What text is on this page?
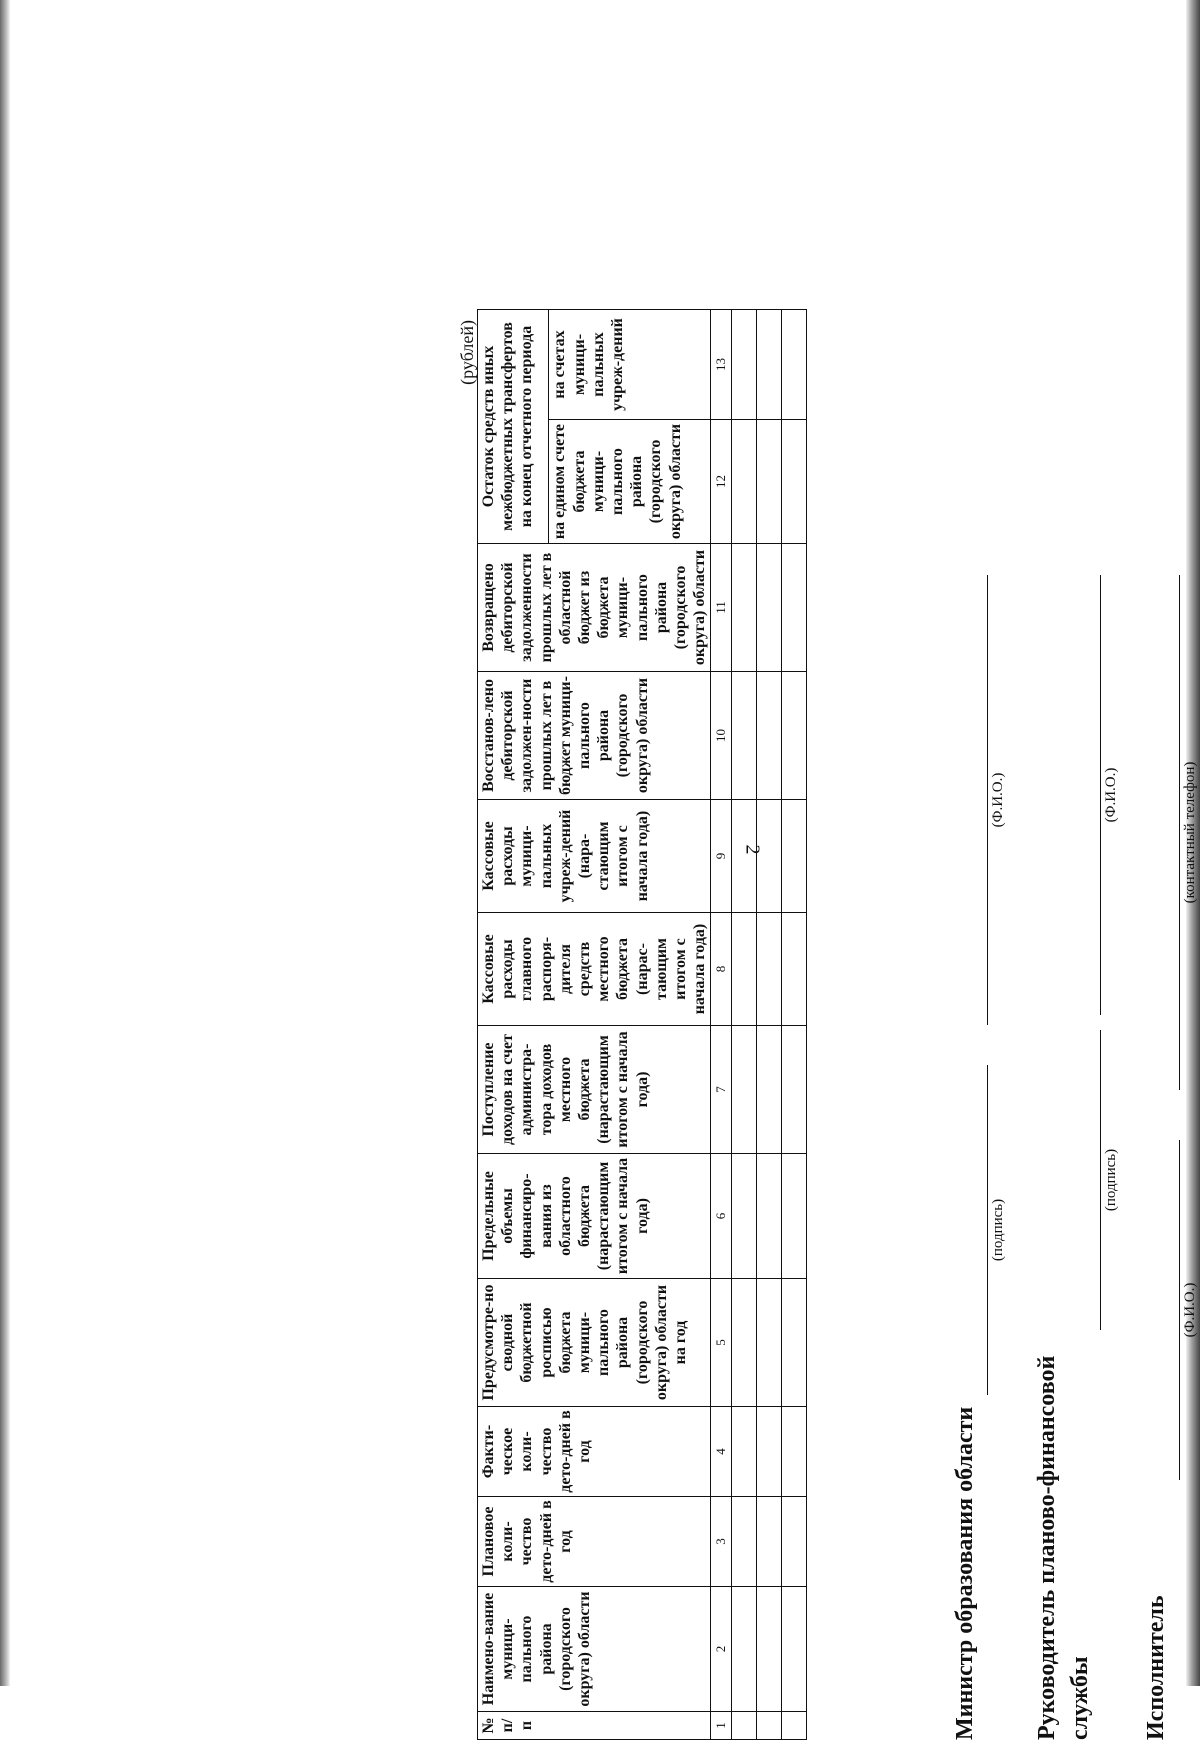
2
(рублей)
№ п/п	Наимено-вание муници-пального района (городского округа) области	Плановое коли-чество дето-дней в год	Факти-ческое коли-чество дето-дней в год	Предусмотре-но сводной бюджетной росписью бюджета муници-пального района (городского округа) области на год	Предельные объемы финансиро-вания из областного бюджета (нарастающим итогом с начала года)	Поступление доходов на счет администра-тора доходов местного бюджета (нарастающим итогом с начала года)	Кассовые расходы главного распоря-дителя средств местного бюджета (нарас-тающим итогом с начала года)	Кассовые расходы муници-пальных учреж-дений (нара-стающим итогом с начала года)	Восстанов-лено дебиторской задолжен-ности прошлых лет в бюджет муници-пального района (городского округа) области	Возвращено дебиторской задолженности прошлых лет в областной бюджет из бюджета муници-пального района (городского округа) области	Остаток средств иных межбюджетных трансфертов на конец отчетного периода	
											на едином счете бюджета муници-пального района (городского округа) области	на счетах муници-пальных учреж-дений
1	2	3	4	5	6	7	8	9	10	11	12	13

Министр образования области
(подпись)
(Ф.И.О.)
Руководитель планово-финансовой службы
(подпись)
(Ф.И.О.)
Исполнитель
(Ф.И.О.)
(контактный телефон)
